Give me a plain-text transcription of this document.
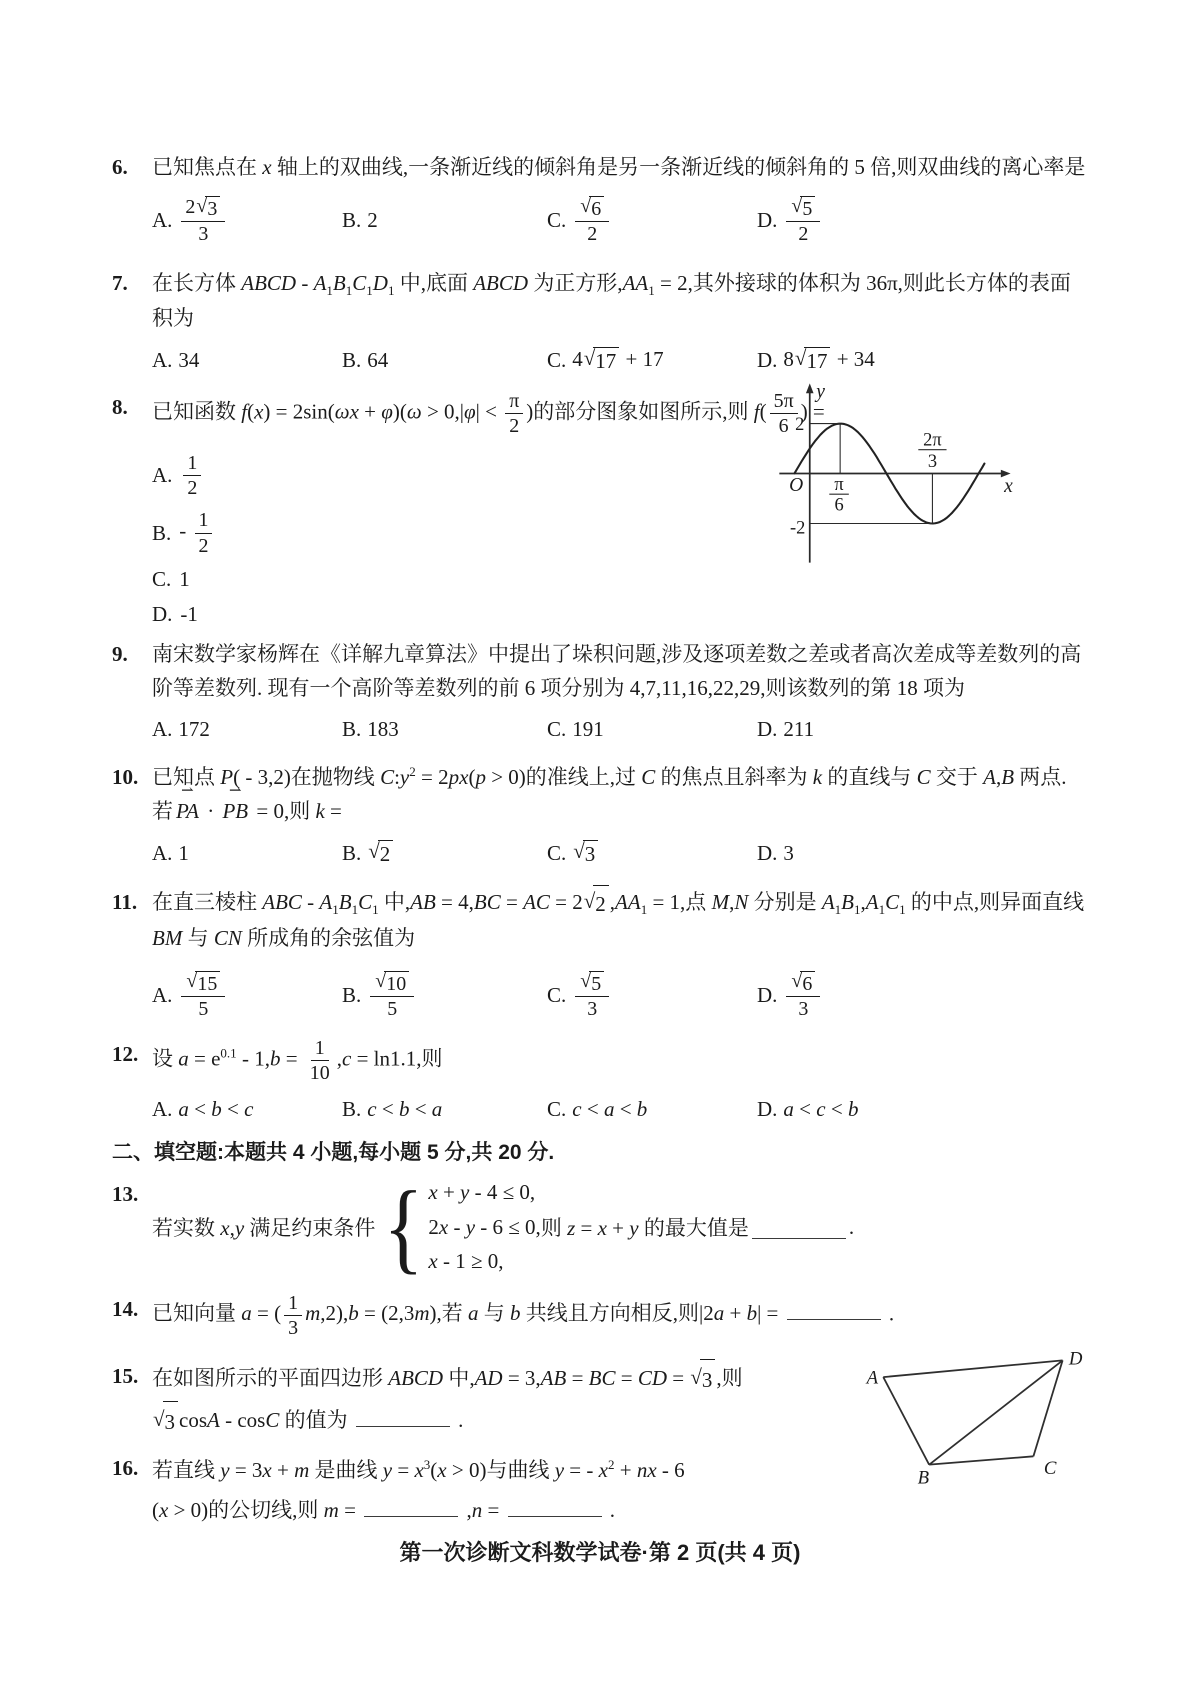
6.	已知焦点在 x 轴上的双曲线,一条渐近线的倾斜角是另一条渐近线的倾斜角的 5 倍,则双曲线的离心率是
A. $\frac{2 √ 3}{3}$	B. 2	C. $\frac{√ 6}{2}$	D. $\frac{√ 5}{2}$
7.	在长方体 ABCD - $A_1B_1C_1D_1$ 中,底面 ABCD 为正方形$,AA_1 = 2$,其外接球的体积为 36π,则此长方体的表面积为
A. 34	B. 64	C. 4 √ 17 + 17	D. 8 √ 17 + 34
8.	已知函数 $f(x) = 2\sin(\omega x + \varphi)(\omega > 0,|\varphi| < \frac{\pi}{2}$ )的部分图象如图所示,则 $f( \frac{5\pi}{6}$ ) =
A. $\frac{1}{2}$
B. - $\frac{1}{2}$
C. 1
D. -1
y
x
O
2
-2
π
6
2π
3
9.	南宋数学家杨辉在《详解九章算法》中提出了垛积问题,涉及逐项差数之差或者高次差成等差数列的高阶等差数列. 现有一个高阶等差数列的前 6 项分别为 4,7,11,16,22,29,则该数列的第 18 项为
A. 172	B. 183	C. 191	D. 211
10. 已知点 P( - 3,2)在抛物线 $C:y^2 = 2px(p > 0)$的准线上,过 C 的焦点且斜率为 k 的直线与 C 交于 A,B 两点. 若 PA ⇀ · PB ⇀ = 0,则 k =
A. 1	B. √ 2	C. √ 3	D. 3
11. 在直三棱柱 ABC - $A_1B_1C_1$ 中,AB = 4,BC = AC = 2 √ 2 $,AA_1 = 1$,点 M,N 分别是 $A_1B_1,A_1C_1$ 的中点,则异面直线 BM 与 CN 所成角的余弦值为
A. $\frac{√ 15}{5}$	B. $\frac{√ 10}{5}$	C. $\frac{√ 5}{3}$	D. $\frac{√ 6}{3}$
12. 设 $a = e^{0.1} - 1,b = \frac{1}{10} ,c = \ln 1.1$,则
A. a < b < c	B. c < b < a	C. c < a < b	D. a < c < b
二、填空题:本题共 4 小题,每小题 5 分,共 20 分.
13.
若实数 x,y 满足约束条件 { x + y - 4 ≤ 0,
2x - y - 6 ≤ 0,
x - 1 ≥ 0,
则 z = x + y 的最大值是	.
14. 已知向量 a = ( $\frac{1}{3} m,2),b = (2,3m)$,若 a 与 b 共线且方向相反,则|2a + b| =	.
15. 在如图所示的平面四边形 ABCD 中,AD = 3,AB = BC = CD = √ 3 ,则
√ 3 cosA - cosC 的值为	.
A
D
B	C
16. 若直线 y = 3x + m 是曲线 $y = x^3(x > 0)$与曲线 y = - $x^2$ + nx - 6
(x > 0)的公切线,则 m =	,n =	.
第一次诊断文科数学试卷·第 2 页(共 4 页)
